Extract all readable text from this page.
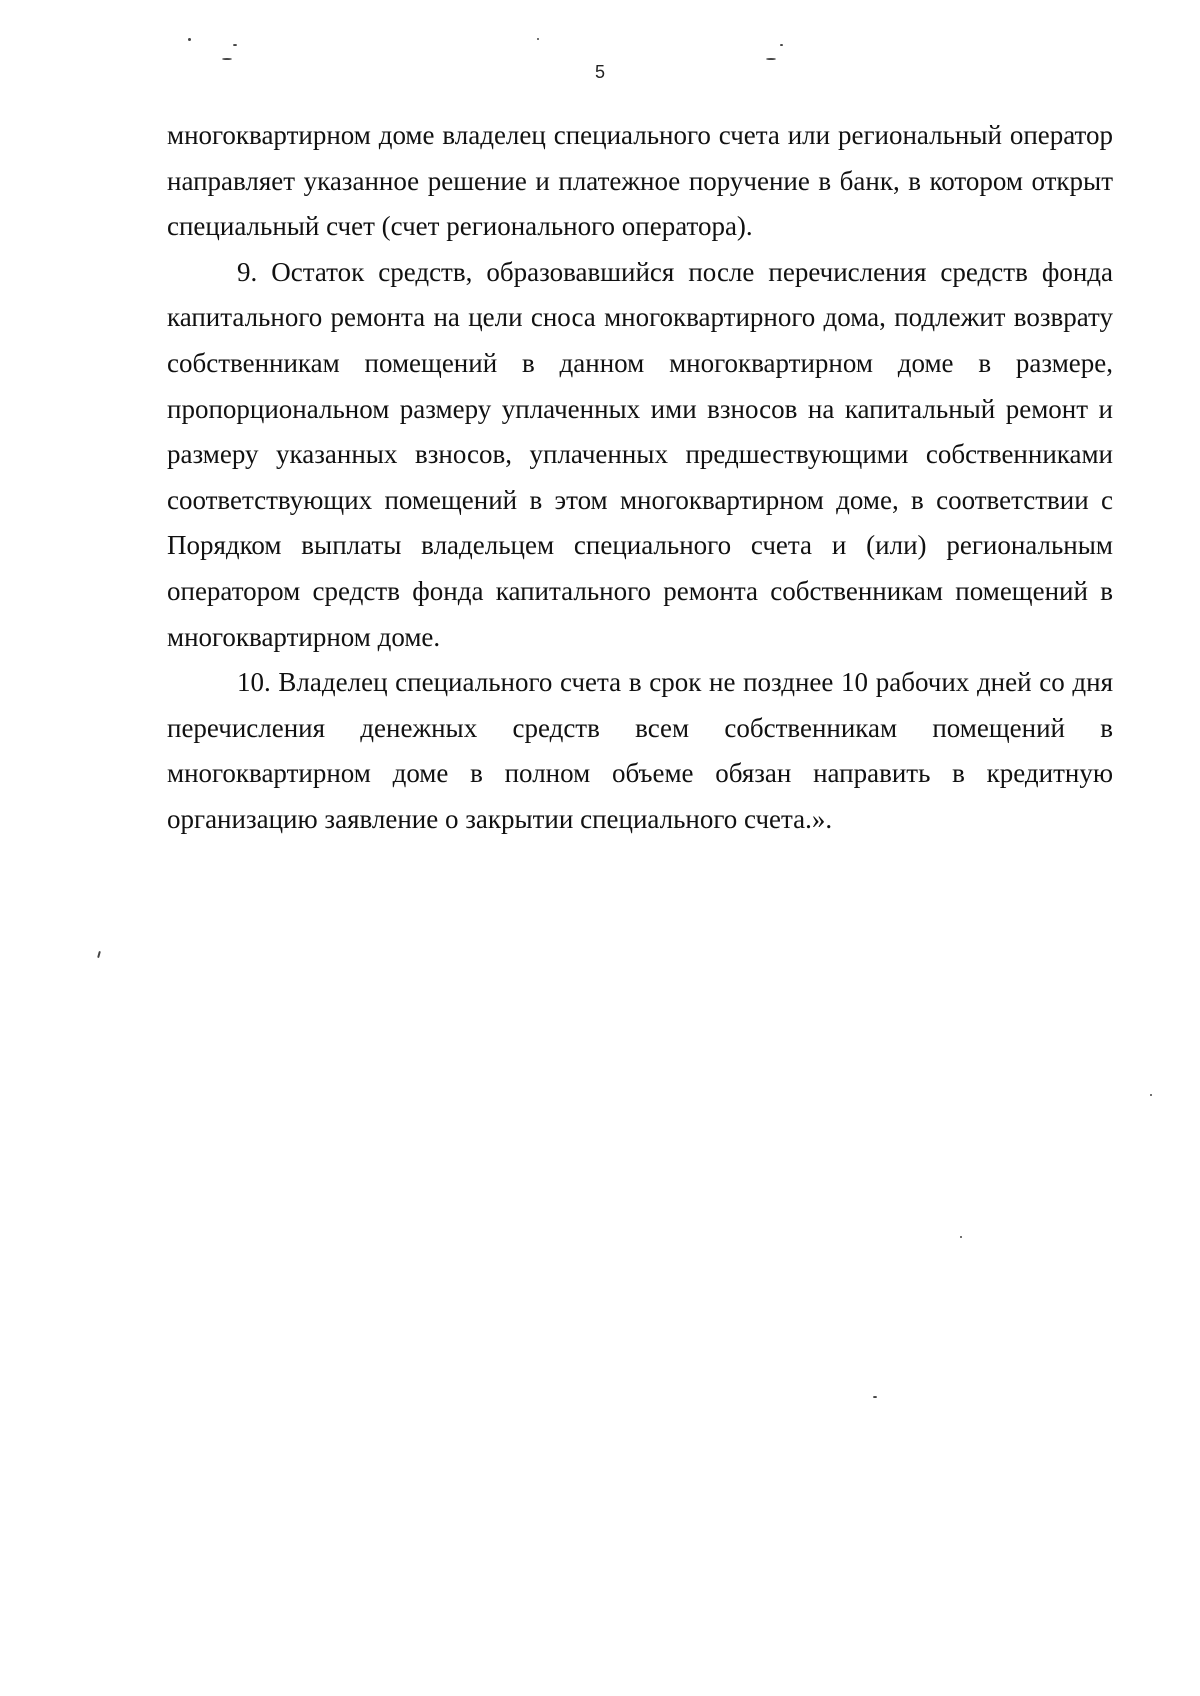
5

многоквартирном доме владелец специального счета или региональный оператор направляет указанное решение и платежное поручение в банк, в котором открыт специальный счет (счет регионального оператора).

9. Остаток средств, образовавшийся после перечисления средств фонда капитального ремонта на цели сноса многоквартирного дома, подлежит возврату собственникам помещений в данном многоквартирном доме в размере, пропорциональном размеру уплаченных ими взносов на капитальный ремонт и размеру указанных взносов, уплаченных предшествующими собственниками соответствующих помещений в этом многоквартирном доме, в соответствии с Порядком выплаты владельцем специального счета и (или) региональным оператором средств фонда капитального ремонта собственникам помещений в многоквартирном доме.

10. Владелец специального счета в срок не позднее 10 рабочих дней со дня перечисления денежных средств всем собственникам помещений в многоквартирном доме в полном объеме обязан направить в кредитную организацию заявление о закрытии специального счета.».
